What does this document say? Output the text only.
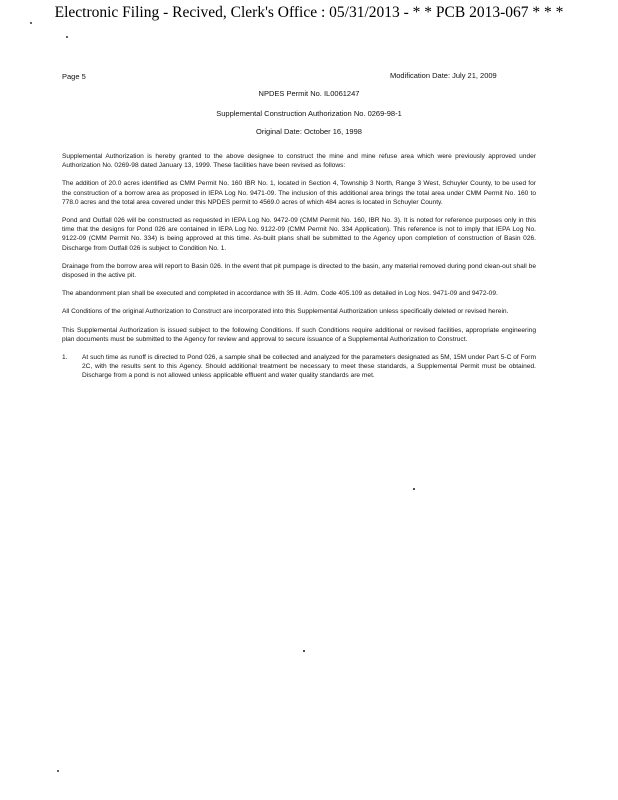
Electronic Filing - Recived, Clerk's Office : 05/31/2013 - * * PCB 2013-067 * * *
Page 5	Modification Date: July 21, 2009
NPDES Permit No. IL0061247
Supplemental Construction Authorization No. 0269-98-1
Original Date: October 16, 1998

Supplemental Authorization is hereby granted to the above designee to construct the mine and mine refuse area which were previously approved under Authorization No. 0269-98 dated January 13, 1999. These facilities have been revised as follows:

The addition of 20.0 acres identified as CMM Permit No. 160 IBR No. 1, located in Section 4, Township 3 North, Range 3 West, Schuyler County, to be used for the construction of a borrow area as proposed in IEPA Log No. 9471-09. The inclusion of this additional area brings the total area under CMM Permit No. 160 to 778.0 acres and the total area covered under this NPDES permit to 4569.0 acres of which 484 acres is located in Schuyler County.

Pond and Outfall 026 will be constructed as requested in IEPA Log No. 9472-09 (CMM Permit No. 160, IBR No. 3). It is noted for reference purposes only in this time that the designs for Pond 026 are contained in IEPA Log No. 9122-09 (CMM Permit No. 334 Application). This reference is not to imply that IEPA Log No. 9122-09 (CMM Permit No. 334) is being approved at this time. As-built plans shall be submitted to the Agency upon completion of construction of Basin 026. Discharge from Outfall 026 is subject to Condition No. 1.

Drainage from the borrow area will report to Basin 026. In the event that pit pumpage is directed to the basin, any material removed during pond clean-out shall be disposed in the active pit.

The abandonment plan shall be executed and completed in accordance with 35 Ill. Adm. Code 405.109 as detailed in Log Nos. 9471-09 and 9472-09.

All Conditions of the original Authorization to Construct are incorporated into this Supplemental Authorization unless specifically deleted or revised herein.

This Supplemental Authorization is issued subject to the following Conditions. If such Conditions require additional or revised facilities, appropriate engineering plan documents must be submitted to the Agency for review and approval to secure issuance of a Supplemental Authorization to Construct.

1.	At such time as runoff is directed to Pond 026, a sample shall be collected and analyzed for the parameters designated as 5M, 15M under Part 5-C of Form 2C, with the results sent to this Agency. Should additional treatment be necessary to meet these standards, a Supplemental Permit must be obtained. Discharge from a pond is not allowed unless applicable effluent and water quality standards are met.
